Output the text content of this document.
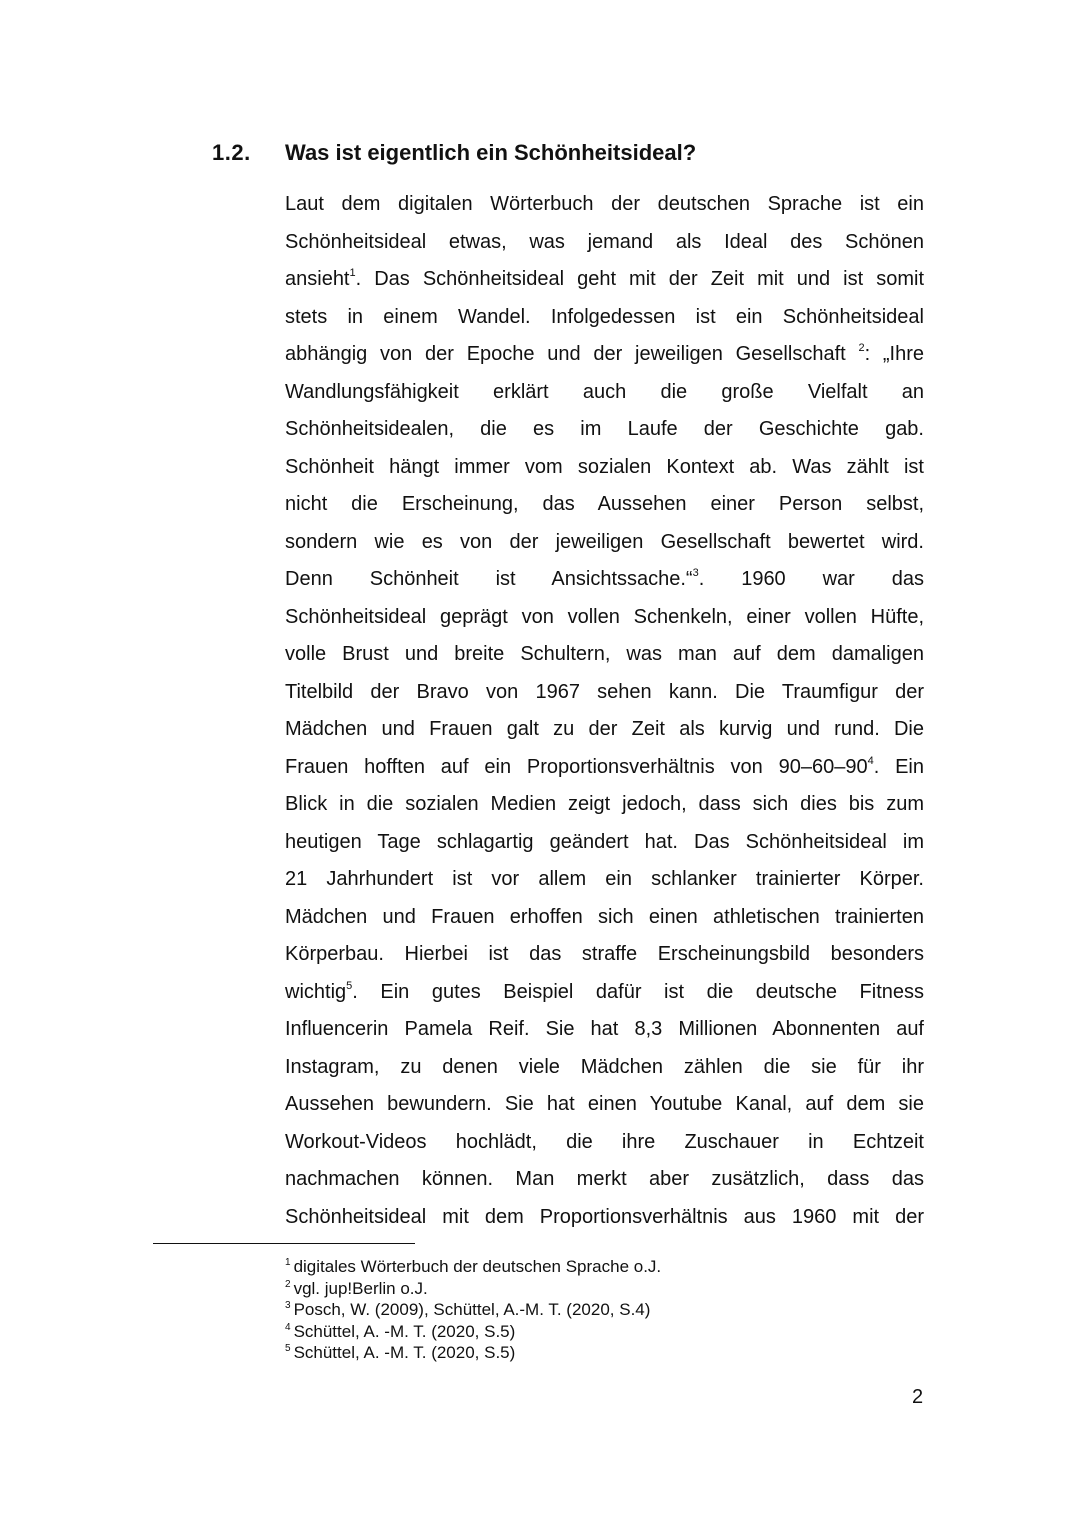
1.2. Was ist eigentlich ein Schönheitsideal?
Laut dem digitalen Wörterbuch der deutschen Sprache ist ein
Schönheitsideal etwas, was jemand als Ideal des Schönen
ansieht$^1$. Das Schönheitsideal geht mit der Zeit mit und ist somit
stets in einem Wandel. Infolgedessen ist ein Schönheitsideal
abhängig von der Epoche und der jeweiligen Gesellschaft $^2$: „Ihre
Wandlungsfähigkeit erklärt auch die große Vielfalt an
Schönheitsidealen, die es im Laufe der Geschichte gab.
Schönheit hängt immer vom sozialen Kontext ab. Was zählt ist
nicht die Erscheinung, das Aussehen einer Person selbst,
sondern wie es von der jeweiligen Gesellschaft bewertet wird.
Denn Schönheit ist Ansichtssache.“$^3$. 1960 war das
Schönheitsideal geprägt von vollen Schenkeln, einer vollen Hüfte,
volle Brust und breite Schultern, was man auf dem damaligen
Titelbild der Bravo von 1967 sehen kann. Die Traumfigur der
Mädchen und Frauen galt zu der Zeit als kurvig und rund. Die
Frauen hofften auf ein Proportionsverhältnis von $90-60-90^4$. Ein
Blick in die sozialen Medien zeigt jedoch, dass sich dies bis zum
heutigen Tage schlagartig geändert hat. Das Schönheitsideal im
21 Jahrhundert ist vor allem ein schlanker trainierter Körper.
Mädchen und Frauen erhoffen sich einen athletischen trainierten
Körperbau. Hierbei ist das straffe Erscheinungsbild besonders
wichtig$^5$. Ein gutes Beispiel dafür ist die deutsche Fitness
Influencerin Pamela Reif. Sie hat 8,3 Millionen Abonnenten auf
Instagram, zu denen viele Mädchen zählen die sie für ihr
Aussehen bewundern. Sie hat einen Youtube Kanal, auf dem sie
Workout-Videos hochlädt, die ihre Zuschauer in Echtzeit
nachmachen können. Man merkt aber zusätzlich, dass das
Schönheitsideal mit dem Proportionsverhältnis aus 1960 mit der
$^1$ digitales Wörterbuch der deutschen Sprache o.J.
$^2$ vgl. jup!Berlin o.J.
$^3$ Posch, W. (2009), Schüttel, A.-M. T. (2020, S.4)
$^4$ Schüttel, A. -M. T. (2020, S.5)
$^5$ Schüttel, A. -M. T. (2020, S.5)
2
